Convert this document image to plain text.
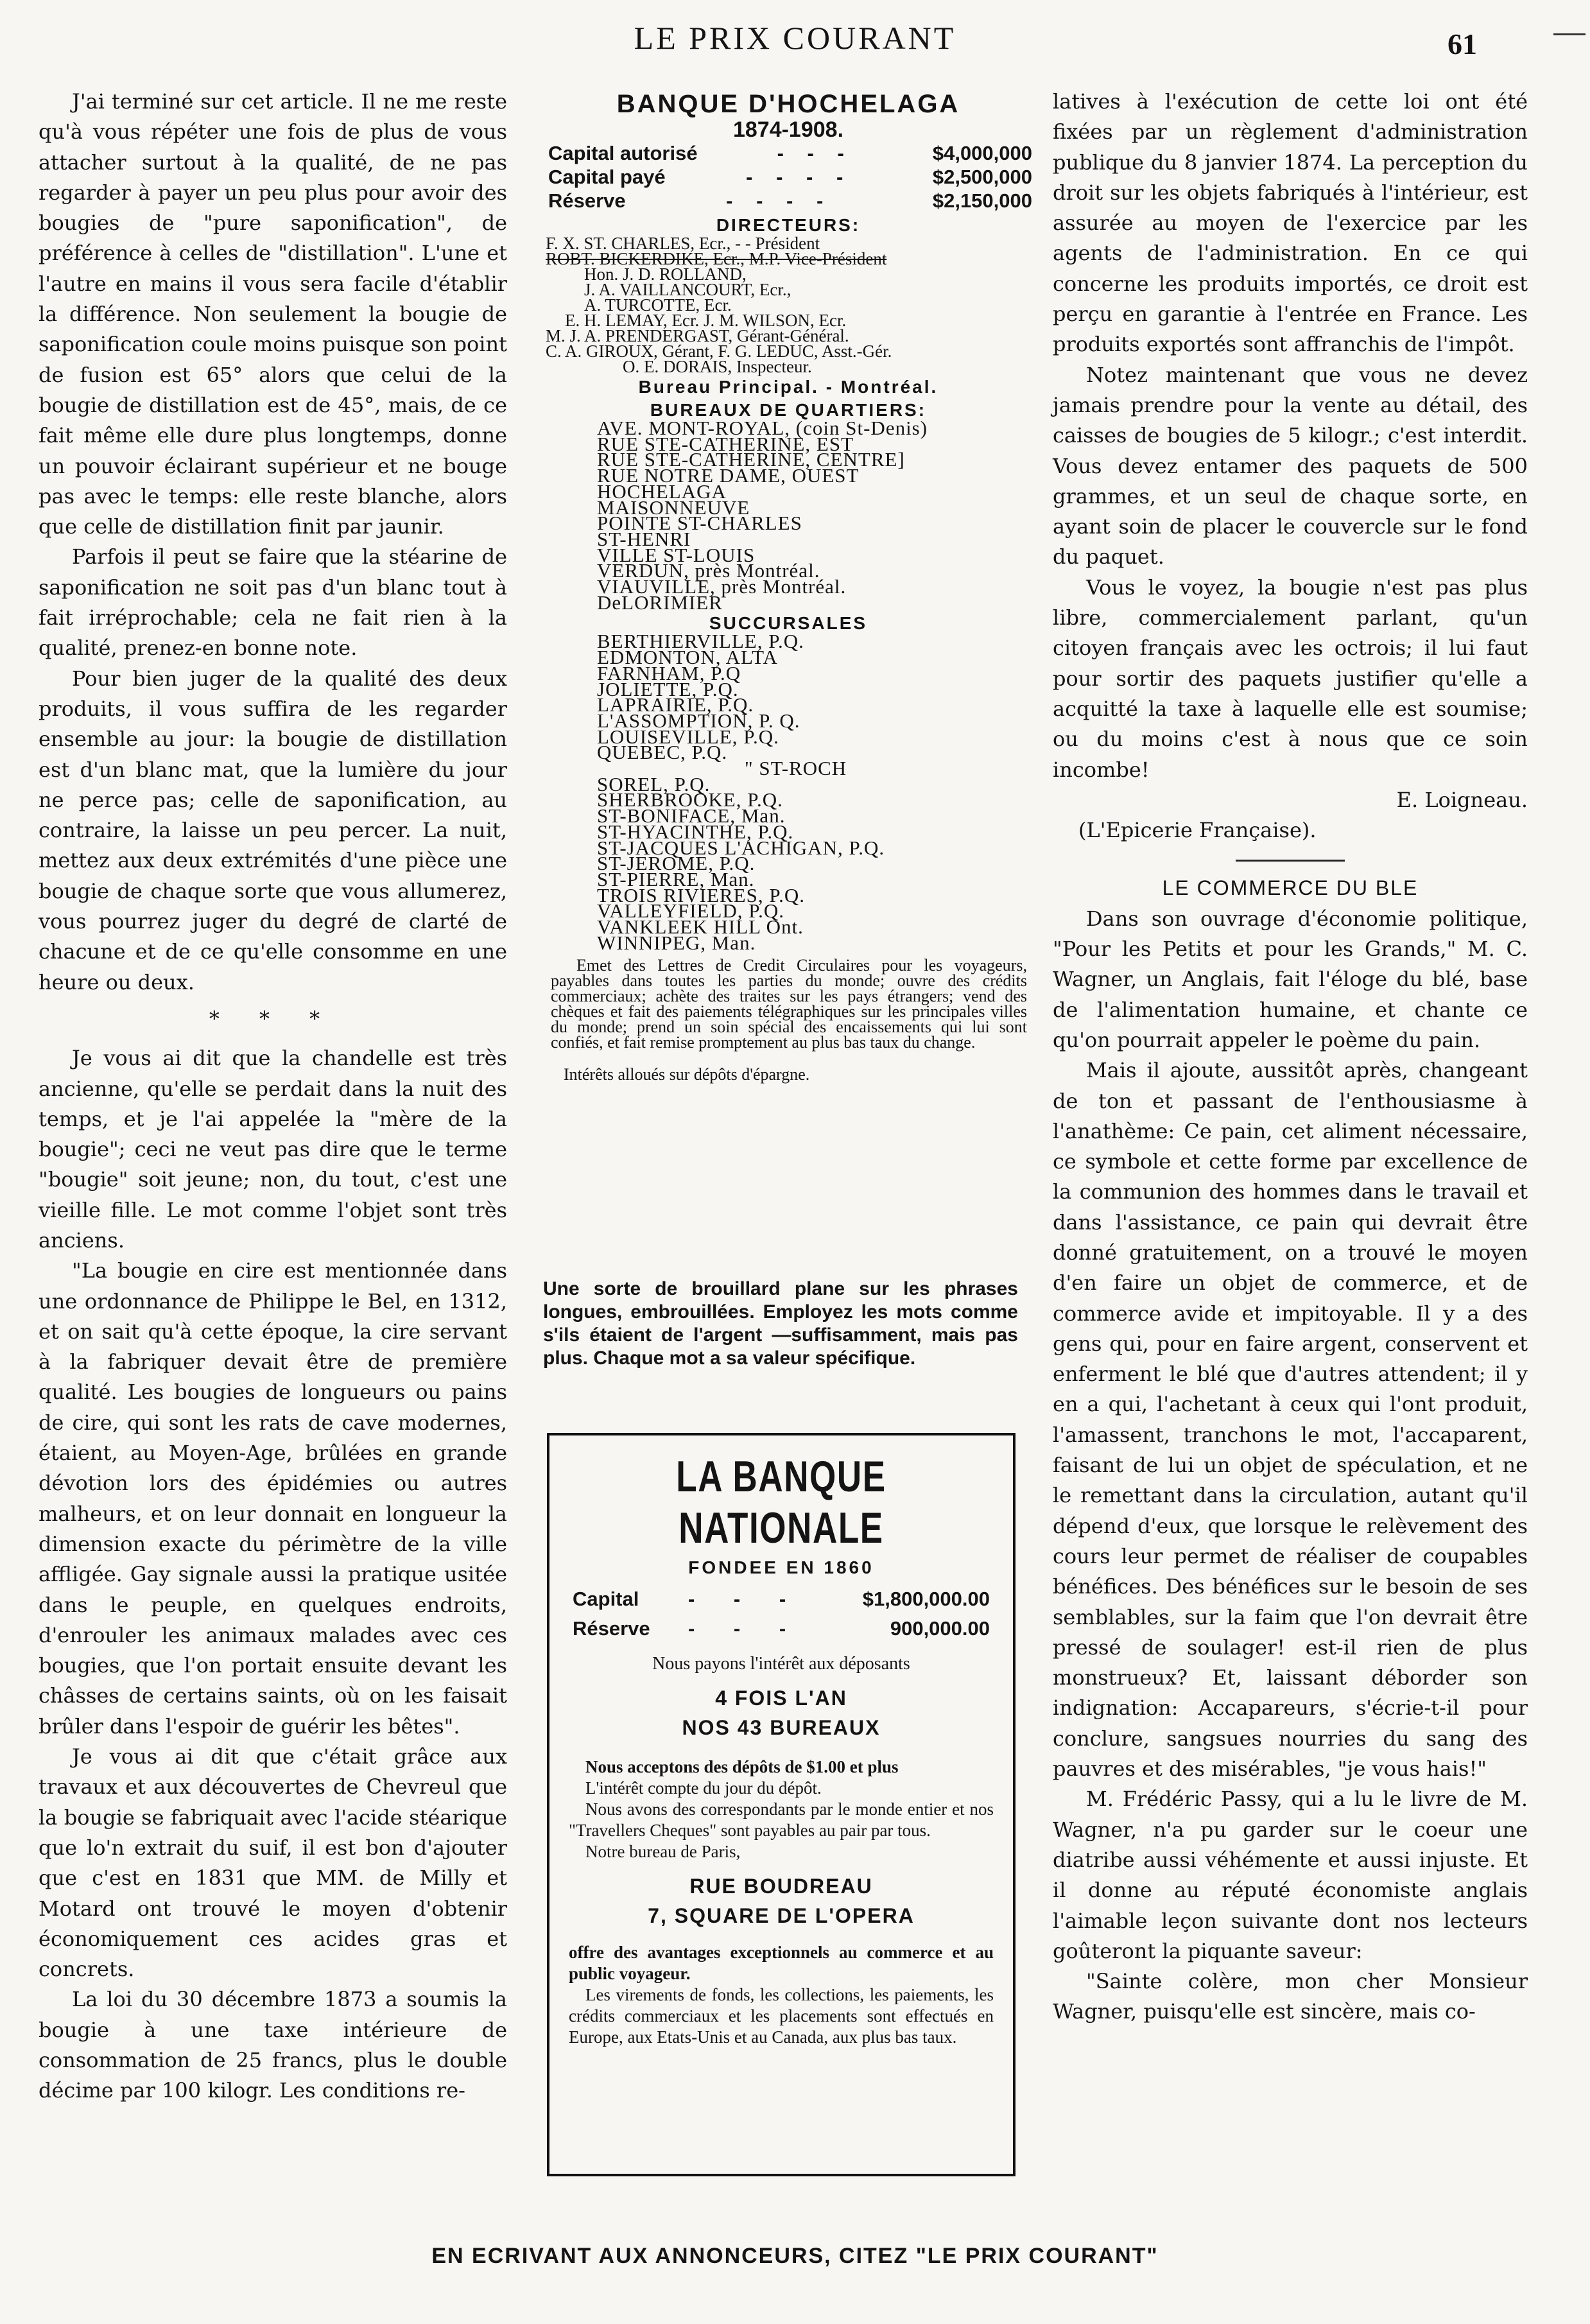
LE PRIX COURANT	61

J'ai terminé sur cet article. Il ne me reste qu'à vous répéter une fois de plus de vous attacher surtout à la qualité, de ne pas regarder à payer un peu plus pour avoir des bougies de "pure saponification", de préférence à celles de "distillation". L'une et l'autre en mains il vous sera facile d'établir la différence. Non seulement la bougie de saponification coule moins puisque son point de fusion est 65° alors que celui de la bougie de distillation est de 45°, mais, de ce fait même elle dure plus longtemps, donne un pouvoir éclairant supérieur et ne bouge pas avec le temps: elle reste blanche, alors que celle de distillation finit par jaunir.

Parfois il peut se faire que la stéarine de saponification ne soit pas d'un blanc tout à fait irréprochable; cela ne fait rien à la qualité, prenez-en bonne note.

Pour bien juger de la qualité des deux produits, il vous suffira de les regarder ensemble au jour: la bougie de distillation est d'un blanc mat, que la lumière du jour ne perce pas; celle de saponification, au contraire, la laisse un peu percer. La nuit, mettez aux deux extrémités d'une pièce une bougie de chaque sorte que vous allumerez, vous pourrez juger du degré de clarté de chacune et de ce qu'elle consomme en une heure ou deux.

* * *

Je vous ai dit que la chandelle est très ancienne, qu'elle se perdait dans la nuit des temps, et je l'ai appelée la "mère de la bougie"; ceci ne veut pas dire que le terme "bougie" soit jeune; non, du tout, c'est une vieille fille. Le mot comme l'objet sont très anciens.

"La bougie en cire est mentionnée dans une ordonnance de Philippe le Bel, en 1312, et on sait qu'à cette époque, la cire servant à la fabriquer devait être de première qualité. Les bougies de longueurs ou pains de cire, qui sont les rats de cave modernes, étaient, au Moyen-Age, brûlées en grande dévotion lors des épidémies ou autres malheurs, et on leur donnait en longueur la dimension exacte du périmètre de la ville affligée. Gay signale aussi la pratique usitée dans le peuple, en quelques endroits, d'enrouler les animaux malades avec ces bougies, que l'on portait ensuite devant les châsses de certains saints, où on les faisait brûler dans l'espoir de guérir les bêtes".

Je vous ai dit que c'était grâce aux travaux et aux découvertes de Chevreul que la bougie se fabriquait avec l'acide stéarique que lo'n extrait du suif, il est bon d'ajouter que c'est en 1831 que MM. de Milly et Motard ont trouvé le moyen d'obtenir économiquement ces acides gras et concrets.

La loi du 30 décembre 1873 a soumis la bougie à une taxe intérieure de consommation de 25 francs, plus le double décime par 100 kilogr. Les conditions re-

BANQUE D'HOCHELAGA

1874-1908.

Capital autorisé	- - -	$4,000,000
Capital payé	- - - -	$2,500,000
Réserve	- - - -	$2,150,000
DIRECTEURS:
F. X. ST. CHARLES, Ecr., - - Président
ROBT. BICKERDIKE, Ecr., M.P. Vice-Président
Hon. J. D. ROLLAND,
J. A. VAILLANCOURT, Ecr.,
A. TURCOTTE, Ecr.
E. H. LEMAY, Ecr. J. M. WILSON, Ecr.
M. J. A. PRENDERGAST, Gérant-Général.
C. A. GIROUX, Gérant, F. G. LEDUC, Asst.-Gér.
O. E. DORAIS, Inspecteur.
Bureau Principal. - Montréal.
BUREAUX DE QUARTIERS:
AVE. MONT-ROYAL, (coin St-Denis)
RUE STE-CATHERINE, EST
RUE STE-CATHERINE, CENTRE]
RUE NOTRE DAME, OUEST
HOCHELAGA
MAISONNEUVE
POINTE ST-CHARLES
ST-HENRI
VILLE ST-LOUIS
VERDUN, près Montréal.
VIAUVILLE, près Montréal.
DeLORIMIER
SUCCURSALES
BERTHIERVILLE, P.Q.
EDMONTON, ALTA
FARNHAM, P.Q
JOLIETTE, P.Q.
LAPRAIRIE, P.Q.
L'ASSOMPTION, P. Q.
LOUISEVILLE, P.Q.
QUEBEC, P.Q.
" ST-ROCH
SOREL, P.Q.
SHERBROOKE, P.Q.
ST-BONIFACE, Man.
ST-HYACINTHE, P.Q.
ST-JACQUES L'ACHIGAN, P.Q.
ST-JEROME, P.Q.
ST-PIERRE, Man.
TROIS RIVIERES, P.Q.
VALLEYFIELD, P.Q.
VANKLEEK HILL Ont.
WINNIPEG, Man.

Emet des Lettres de Credit Circulaires pour les voyageurs, payables dans toutes les parties du monde; ouvre des crédits commerciaux; achète des traites sur les pays étrangers; vend des chèques et fait des paiements télégraphiques sur les principales villes du monde; prend un soin spécial des encaissements qui lui sont confiés, et fait remise promptement au plus bas taux du change.

Intérêts alloués sur dépôts d'épargne.

Une sorte de brouillard plane sur les phrases longues, embrouillées. Employez les mots comme s'ils étaient de l'argent —suffisamment, mais pas plus. Chaque mot a sa valeur spécifique.

LA BANQUE NATIONALE
FONDEE EN 1860
Capital	- - -	$1,800,000.00
Réserve	- - -	900,000.00
Nous payons l'intérêt aux déposants
4 FOIS L'AN
NOS 43 BUREAUX

Nous acceptons des dépôts de $1.00 et plus

L'intérêt compte du jour du dépôt.

Nous avons des correspondants par le monde entier et nos "Travellers Cheques" sont payables au pair par tous.

Notre bureau de Paris,

RUE BOUDREAU
7, SQUARE DE L'OPERA

offre des avantages exceptionnels au commerce et au public voyageur.

Les virements de fonds, les collections, les paiements, les crédits commerciaux et les placements sont effectués en Europe, aux Etats-Unis et au Canada, aux plus bas taux.

latives à l'exécution de cette loi ont été fixées par un règlement d'administration publique du 8 janvier 1874. La perception du droit sur les objets fabriqués à l'intérieur, est assurée au moyen de l'exercice par les agents de l'administration. En ce qui concerne les produits importés, ce droit est perçu en garantie à l'entrée en France. Les produits exportés sont affranchis de l'impôt.

Notez maintenant que vous ne devez jamais prendre pour la vente au détail, des caisses de bougies de 5 kilogr.; c'est interdit. Vous devez entamer des paquets de 500 grammes, et un seul de chaque sorte, en ayant soin de placer le couvercle sur le fond du paquet.

Vous le voyez, la bougie n'est pas plus libre, commercialement parlant, qu'un citoyen français avec les octrois; il lui faut pour sortir des paquets justifier qu'elle a acquitté la taxe à laquelle elle est soumise; ou du moins c'est à nous que ce soin incombe!

E. Loigneau.

(L'Epicerie Française).

LE COMMERCE DU BLE

Dans son ouvrage d'économie politique, "Pour les Petits et pour les Grands," M. C. Wagner, un Anglais, fait l'éloge du blé, base de l'alimentation humaine, et chante ce qu'on pourrait appeler le poème du pain.

Mais il ajoute, aussitôt après, changeant de ton et passant de l'enthousiasme à l'anathème: Ce pain, cet aliment nécessaire, ce symbole et cette forme par excellence de la communion des hommes dans le travail et dans l'assistance, ce pain qui devrait être donné gratuitement, on a trouvé le moyen d'en faire un objet de commerce, et de commerce avide et impitoyable. Il y a des gens qui, pour en faire argent, conservent et enferment le blé que d'autres attendent; il y en a qui, l'achetant à ceux qui l'ont produit, l'amassent, tranchons le mot, l'accaparent, faisant de lui un objet de spéculation, et ne le remettant dans la circulation, autant qu'il dépend d'eux, que lorsque le relèvement des cours leur permet de réaliser de coupables bénéfices. Des bénéfices sur le besoin de ses semblables, sur la faim que l'on devrait être pressé de soulager! est-il rien de plus monstrueux? Et, laissant déborder son indignation: Accapareurs, s'écrie-t-il pour conclure, sangsues nourries du sang des pauvres et des misérables, "je vous hais!"

M. Frédéric Passy, qui a lu le livre de M. Wagner, n'a pu garder sur le coeur une diatribe aussi véhémente et aussi injuste. Et il donne au réputé économiste anglais l'aimable leçon suivante dont nos lecteurs goûteront la piquante saveur:

"Sainte colère, mon cher Monsieur Wagner, puisqu'elle est sincère, mais co-

EN ECRIVANT AUX ANNONCEURS, CITEZ "LE PRIX COURANT"
